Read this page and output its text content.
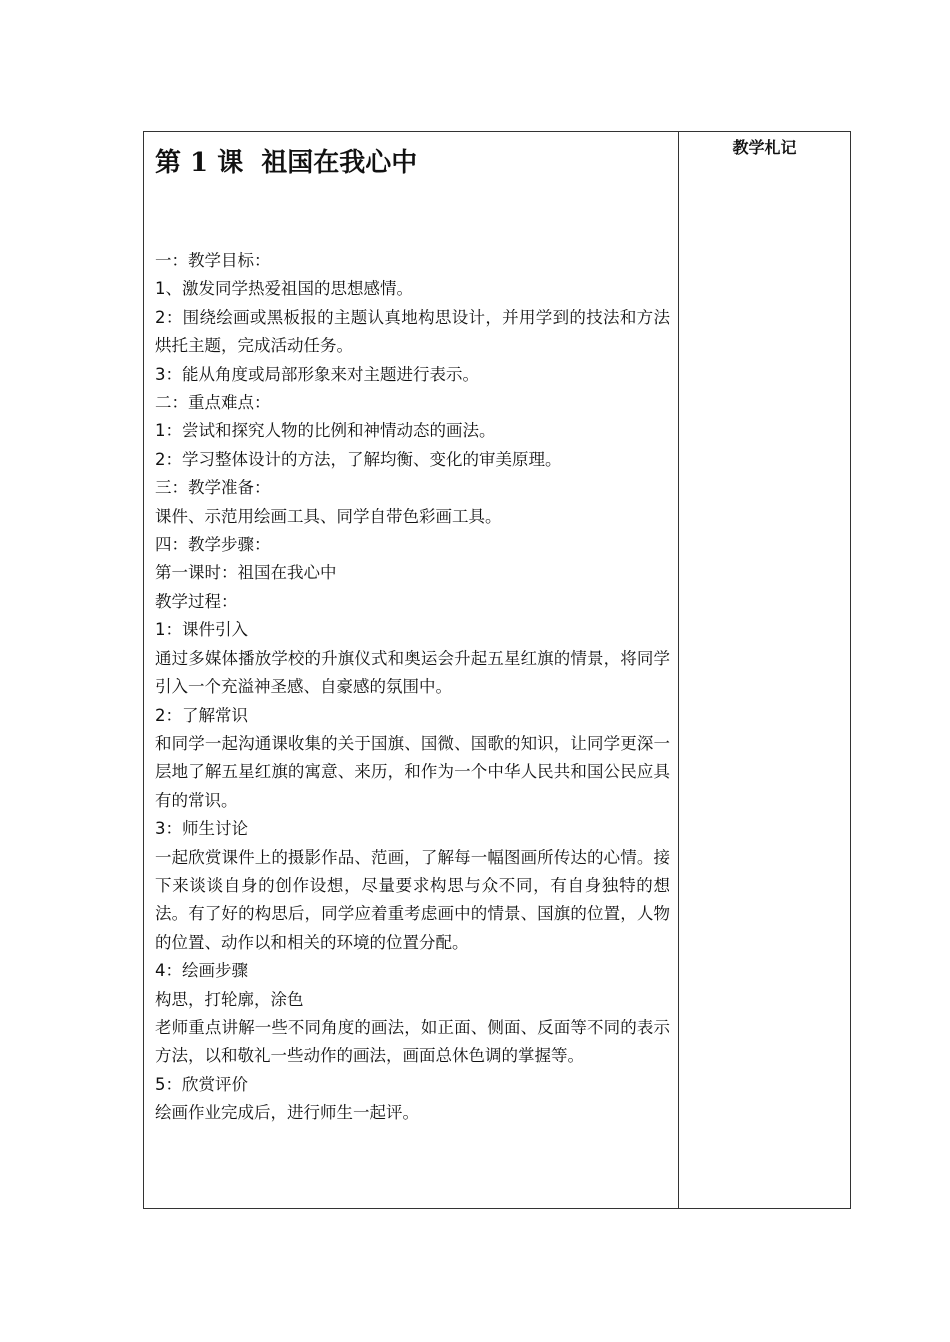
第 1 课  祖国在我心中

一：教学目标：

1、激发同学热爱祖国的思想感情。

2：围绕绘画或黑板报的主题认真地构思设计，并用学到的技法和方法烘托主题，完成活动任务。

3：能从角度或局部形象来对主题进行表示。

二：重点难点：

1：尝试和探究人物的比例和神情动态的画法。

2：学习整体设计的方法，了解均衡、变化的审美原理。

三：教学准备：

课件、示范用绘画工具、同学自带色彩画工具。

四：教学步骤：

第一课时：祖国在我心中

教学过程：

1：课件引入

通过多媒体播放学校的升旗仪式和奥运会升起五星红旗的情景，将同学引入一个充溢神圣感、自豪感的氛围中。

2：了解常识

和同学一起沟通课收集的关于国旗、国微、国歌的知识，让同学更深一层地了解五星红旗的寓意、来历，和作为一个中华人民共和国公民应具有的常识。

3：师生讨论

一起欣赏课件上的摄影作品、范画，了解每一幅图画所传达的心情。接下来谈谈自身的创作设想，尽量要求构思与众不同，有自身独特的想法。有了好的构思后，同学应着重考虑画中的情景、国旗的位置，人物的位置、动作以和相关的环境的位置分配。

4：绘画步骤

构思，打轮廓，涂色

老师重点讲解一些不同角度的画法，如正面、侧面、反面等不同的表示方法，以和敬礼一些动作的画法，画面总休色调的掌握等。

5：欣赏评价

绘画作业完成后，进行师生一起评。

教学札记
